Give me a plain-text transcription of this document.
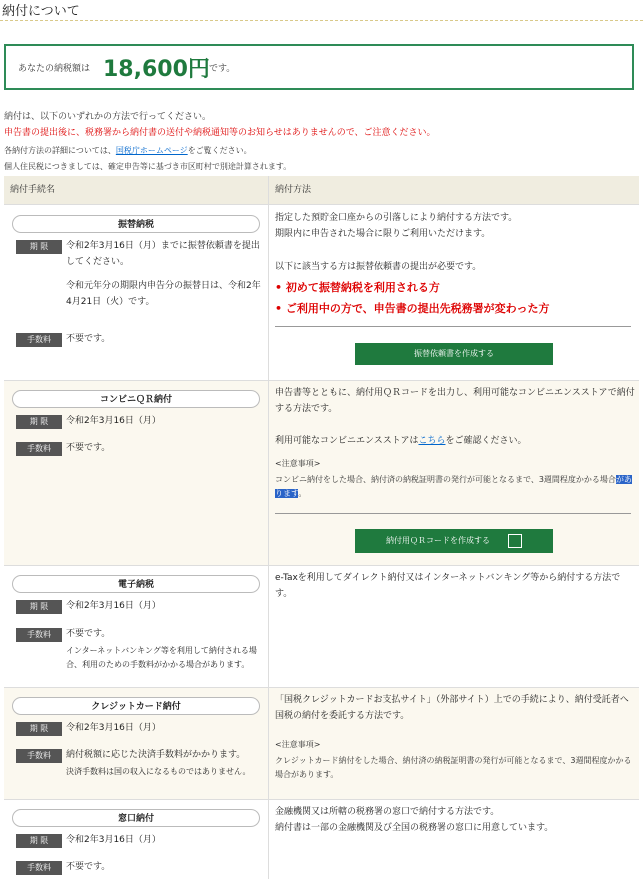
納付について
あなたの納税額は 18,600円 です。
納付は、以下のいずれかの方法で行ってください。
申告書の提出後に、税務署から納付書の送付や納税通知等のお知らせはありませんので、ご注意ください。
各納付方法の詳細については、国税庁ホームページをご覧ください。
個人住民税につきましては、確定申告等に基づき市区町村で別途計算されます。
納付手続名	納付方法
振替納税
期 限	令和2年3月16日（月）までに振替依頼書を提出してください。
令和元年分の期限内申告分の振替日は、令和2年4月21日（火）です。
手数料	不要です。
指定した預貯金口座からの引落しにより納付する方法です。
期限内に申告された場合に限りご利用いただけます。
以下に該当する方は振替依頼書の提出が必要です。
• 初めて振替納税を利用される方
• ご利用中の方で、申告書の提出先税務署が変わった方
振替依頼書を作成する
コンビニＱＲ納付
期 限	令和2年3月16日（月）
手数料	不要です。
申告書等とともに、納付用ＱＲコードを出力し、利用可能なコンビニエンスストアで納付する方法です。
利用可能なコンビニエンスストアはこちらをご確認ください。
<注意事項>
コンビニ納付をした場合、納付済の納税証明書の発行が可能となるまで、3週間程度かかる場合があります。
納付用ＱＲコードを作成する
電子納税
期 限	令和2年3月16日（月）
手数料	不要です。
インターネットバンキング等を利用して納付される場合、利用のための手数料がかかる場合があります。
e-Taxを利用してダイレクト納付又はインターネットバンキング等から納付する方法です。
クレジットカード納付
期 限	令和2年3月16日（月）
手数料	納付税額に応じた決済手数料がかかります。
決済手数料は国の収入になるものではありません。
「国税クレジットカードお支払サイト」（外部サイト）上での手続により、納付受託者へ国税の納付を委託する方法です。
<注意事項>
クレジットカード納付をした場合、納付済の納税証明書の発行が可能となるまで、3週間程度かかる場合があります。
窓口納付
期 限	令和2年3月16日（月）
手数料	不要です。
金融機関又は所轄の税務署の窓口で納付する方法です。
納付書は一部の金融機関及び全国の税務署の窓口に用意しています。
